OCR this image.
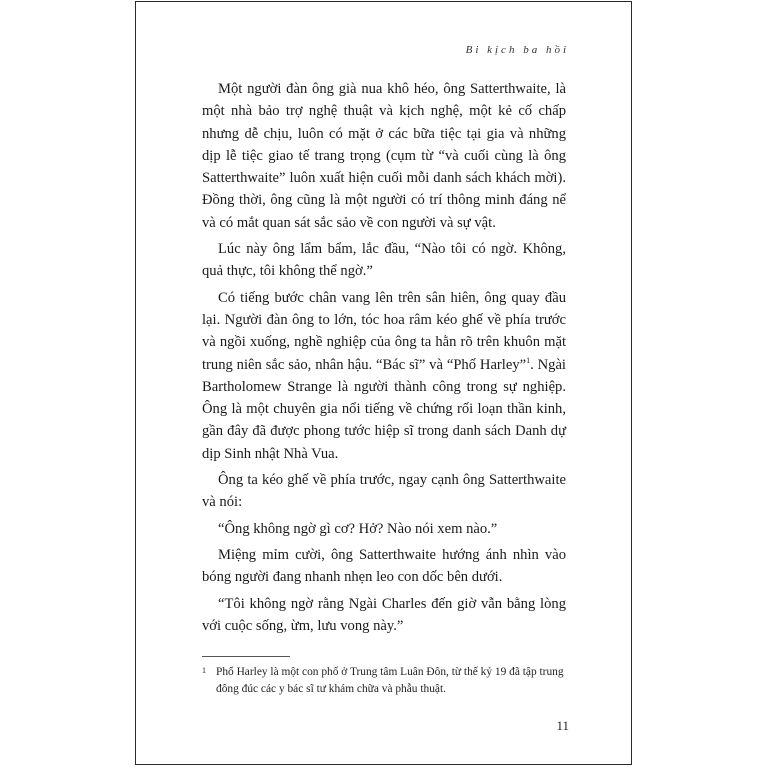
Bi kịch ba hồi

Một người đàn ông già nua khô héo, ông Satterthwaite, là một nhà bảo trợ nghệ thuật và kịch nghệ, một kẻ cố chấp nhưng dễ chịu, luôn có mặt ở các bữa tiệc tại gia và những dịp lễ tiệc giao tế trang trọng (cụm từ “và cuối cùng là ông Satterthwaite” luôn xuất hiện cuối mỗi danh sách khách mời). Đồng thời, ông cũng là một người có trí thông minh đáng nể và có mắt quan sát sắc sảo về con người và sự vật.

Lúc này ông lẩm bẩm, lắc đầu, “Nào tôi có ngờ. Không, quả thực, tôi không thể ngờ.”

Có tiếng bước chân vang lên trên sân hiên, ông quay đầu lại. Người đàn ông to lớn, tóc hoa râm kéo ghế về phía trước và ngồi xuống, nghề nghiệp của ông ta hằn rõ trên khuôn mặt trung niên sắc sảo, nhân hậu. “Bác sĩ” và “Phố Harley”$^1$. Ngài Bartholomew Strange là người thành công trong sự nghiệp. Ông là một chuyên gia nổi tiếng về chứng rối loạn thần kinh, gần đây đã được phong tước hiệp sĩ trong danh sách Danh dự dịp Sinh nhật Nhà Vua.

Ông ta kéo ghế về phía trước, ngay cạnh ông Satterthwaite và nói:

“Ông không ngờ gì cơ? Hở? Nào nói xem nào.”

Miệng mỉm cười, ông Satterthwaite hướng ánh nhìn vào bóng người đang nhanh nhẹn leo con dốc bên dưới.

“Tôi không ngờ rằng Ngài Charles đến giờ vẫn bằng lòng với cuộc sống, ừm, lưu vong này.”

1 Phố Harley là một con phố ở Trung tâm Luân Đôn, từ thế kỷ 19 đã tập trung đông đúc các y bác sĩ tư khám chữa và phẫu thuật.
11
